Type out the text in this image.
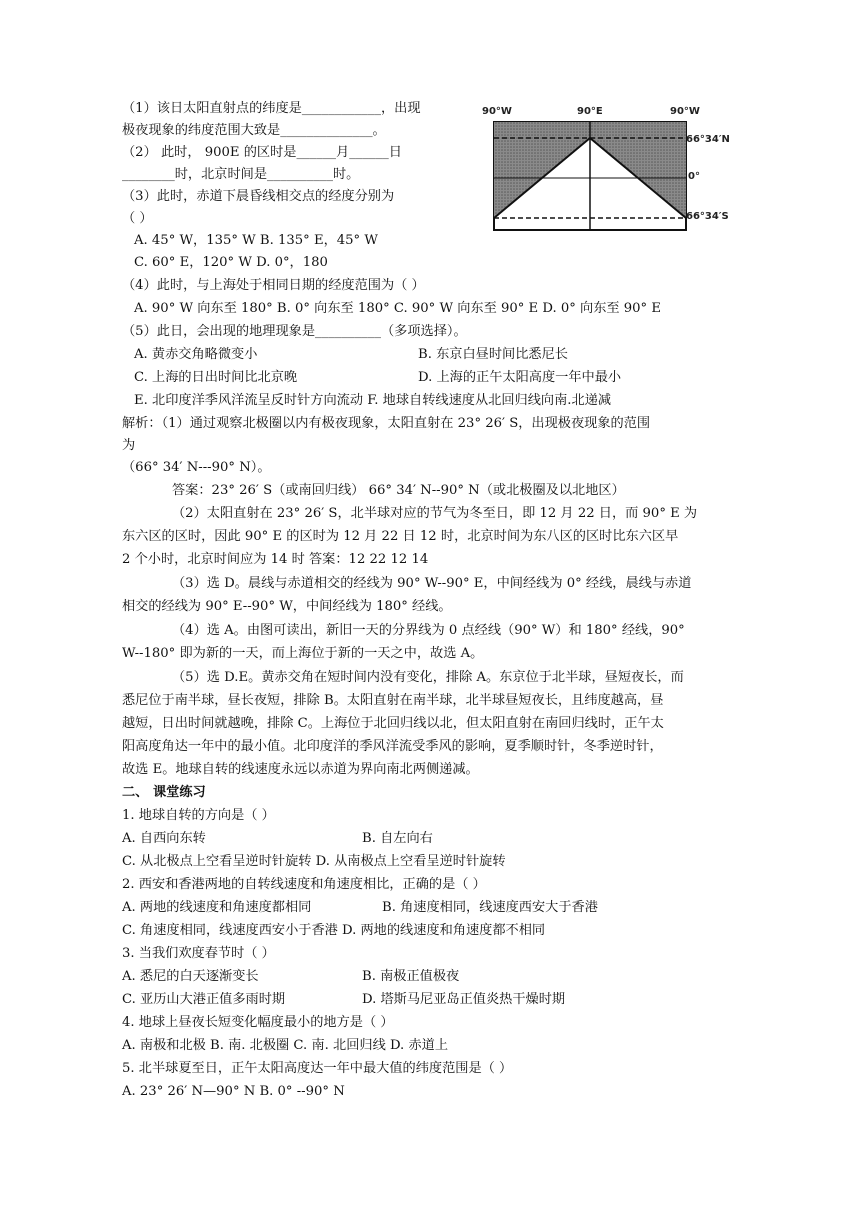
（1）该日太阳直射点的纬度是____________，出现
极夜现象的纬度范围大致是______________。
（2） 此时， 900E 的区时是______月______日
________时，北京时间是__________时。
（3）此时，赤道下晨昏线相交点的经度分别为
（ ）
A. 45° W，135° W B. 135° E，45° W
C. 60° E，120° W D. 0°，180
（4）此时，与上海处于相同日期的经度范围为（ ）
A. 90° W 向东至 180° B. 0° 向东至 180° C. 90° W 向东至 90° E D. 0° 向东至 90° E
（5）此日，会出现的地理现象是__________（多项选择）。
A. 黄赤交角略微变小	B. 东京白昼时间比悉尼长
C. 上海的日出时间比北京晚	D. 上海的正午太阳高度一年中最小
E. 北印度洋季风洋流呈反时针方向流动 F. 地球自转线速度从北回归线向南.北递减
解析：（1）通过观察北极圈以内有极夜现象，太阳直射在 23° 26′ S，出现极夜现象的范围
为
（66° 34′ N---90° N）。
答案：23° 26′ S（或南回归线） 66° 34′ N--90° N（或北极圈及以北地区）
（2）太阳直射在 23° 26′ S，北半球对应的节气为冬至日，即 12 月 22 日，而 90° E 为
东六区的区时，因此 90° E 的区时为 12 月 22 日 12 时，北京时间为东八区的区时比东六区早
2 个小时，北京时间应为 14 时 答案：12 22 12 14
（3）选 D。晨线与赤道相交的经线为 90° W--90° E，中间经线为 0° 经线，晨线与赤道
相交的经线为 90° E--90° W，中间经线为 180° 经线。
（4）选 A。由图可读出，新旧一天的分界线为 0 点经线（90° W）和 180° 经线，90°
W--180° 即为新的一天，而上海位于新的一天之中，故选 A。
（5）选 D.E。黄赤交角在短时间内没有变化，排除 A。东京位于北半球，昼短夜长，而
悉尼位于南半球，昼长夜短，排除 B。太阳直射在南半球，北半球昼短夜长，且纬度越高，昼
越短，日出时间就越晚，排除 C。上海位于北回归线以北，但太阳直射在南回归线时，正午太
阳高度角达一年中的最小值。北印度洋的季风洋流受季风的影响，夏季顺时针，冬季逆时针，
故选 E。地球自转的线速度永远以赤道为界向南北两侧递减。
二、 课堂练习
1. 地球自转的方向是（ ）
A. 自西向东转	B. 自左向右
C. 从北极点上空看呈逆时针旋转 D. 从南极点上空看呈逆时针旋转
2. 西安和香港两地的自转线速度和角速度相比，正确的是（ ）
A. 两地的线速度和角速度都相同	B. 角速度相同，线速度西安大于香港
C. 角速度相同，线速度西安小于香港 D. 两地的线速度和角速度都不相同
3. 当我们欢度春节时（ ）
A. 悉尼的白天逐渐变长	B. 南极正值极夜
C. 亚历山大港正值多雨时期	D. 塔斯马尼亚岛正值炎热干燥时期
4. 地球上昼夜长短变化幅度最小的地方是（ ）
A. 南极和北极 B. 南. 北极圈 C. 南. 北回归线 D. 赤道上
5. 北半球夏至日，正午太阳高度达一年中最大值的纬度范围是（ ）
A. 23° 26′ N—90° N B. 0° --90° N
90°W	90°E	90°W
66°34′N
0°
66°34′S
